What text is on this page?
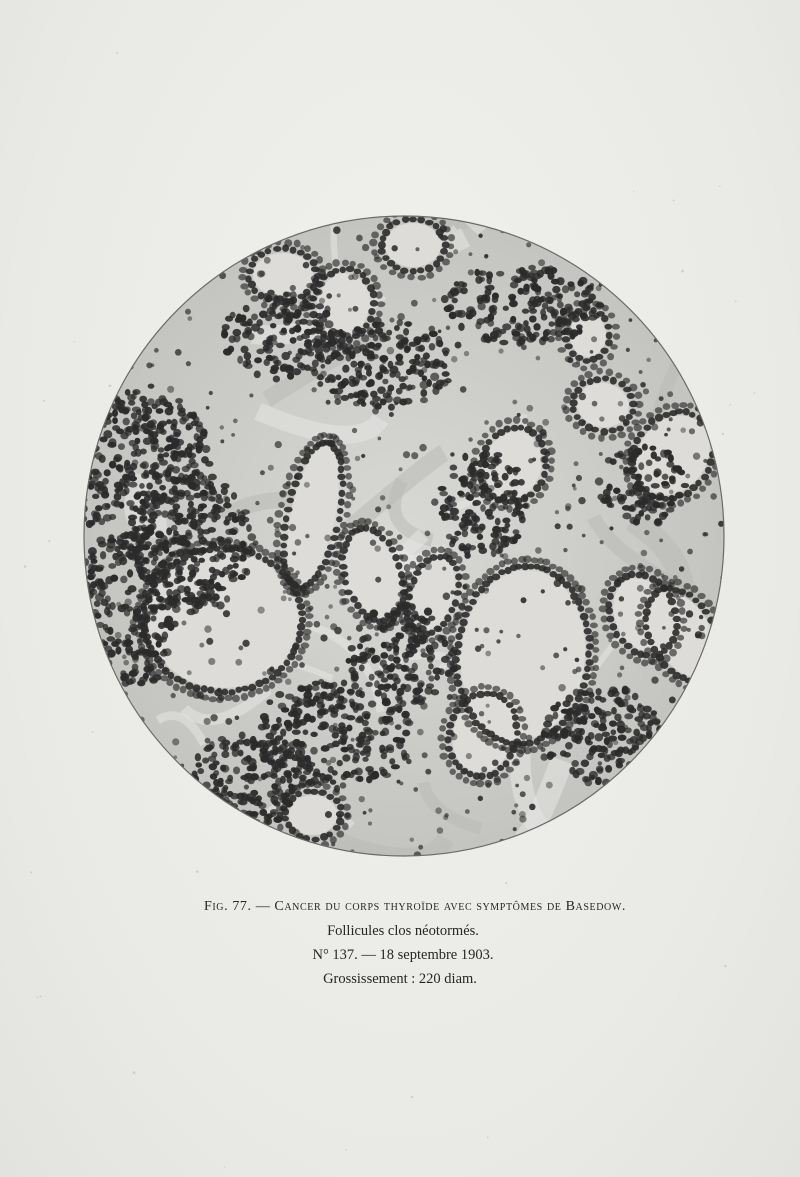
Fig. 77. — Cancer du corps thyroïde avec symptômes de Basedow.
Follicules clos néotormés.
N° 137. — 18 septembre 1903.
Grossissement : 220 diam.
